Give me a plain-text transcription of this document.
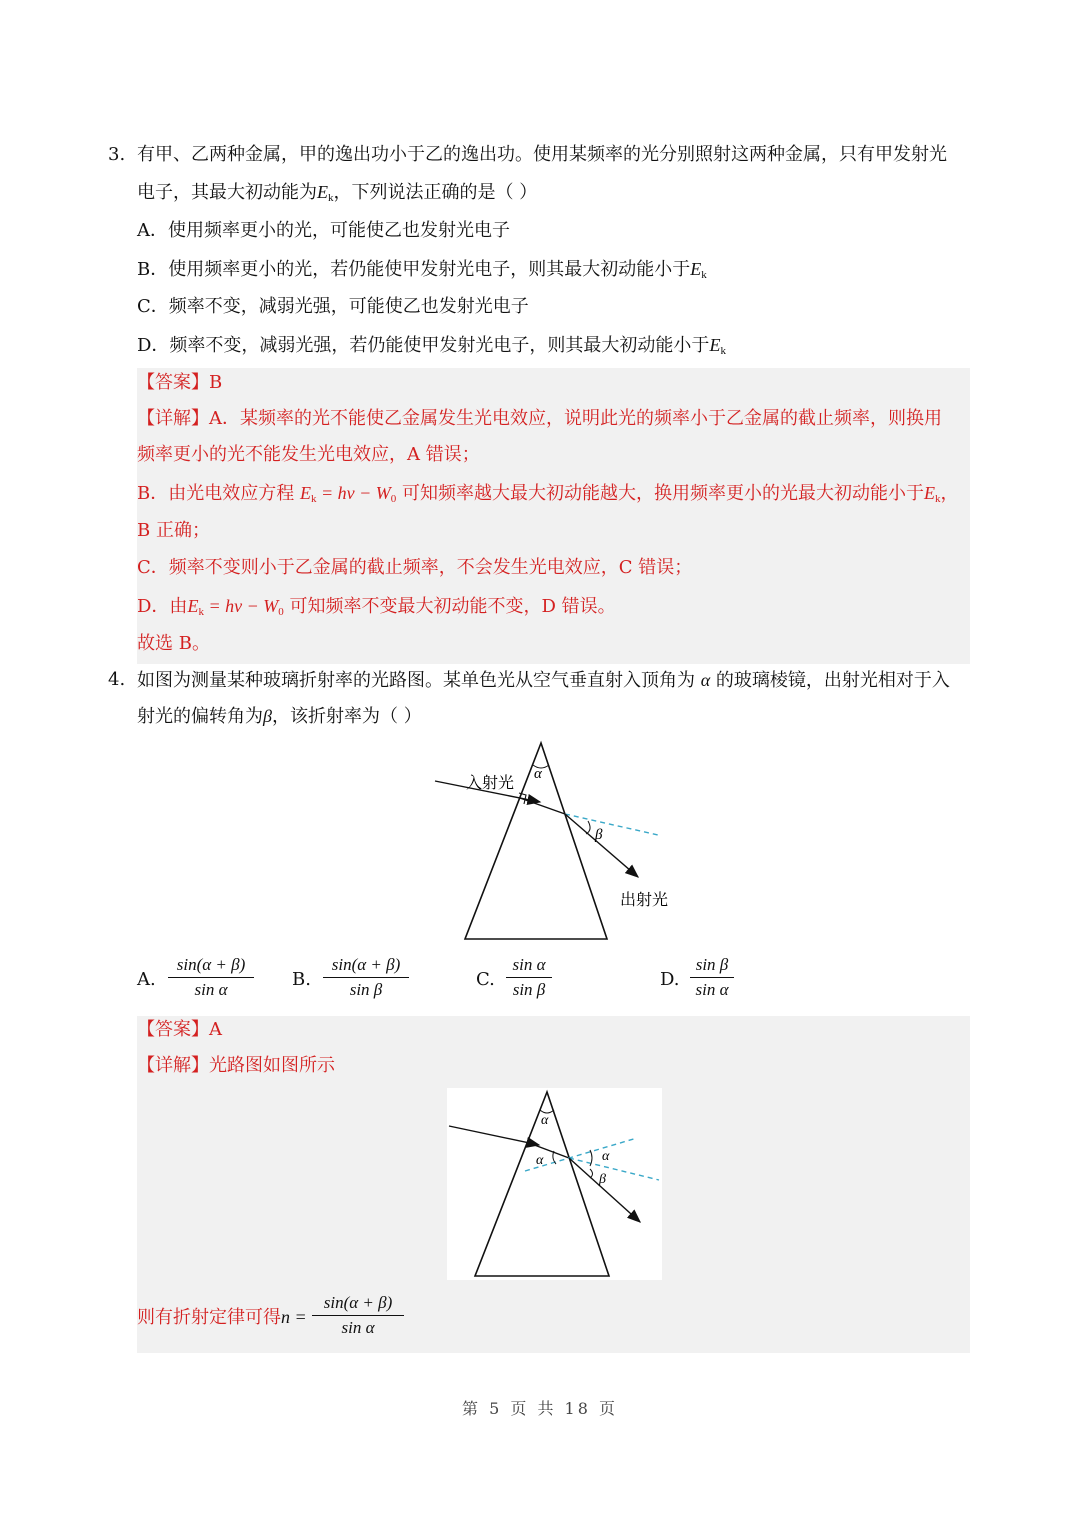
3. 有甲、乙两种金属，甲的逸出功小于乙的逸出功。使用某频率的光分别照射这两种金属，只有甲发射光
电子，其最大初动能为$E_k$，下列说法正确的是（ ）
A．使用频率更小的光，可能使乙也发射光电子
B．使用频率更小的光，若仍能使甲发射光电子，则其最大初动能小于$E_k$
C．频率不变，减弱光强，可能使乙也发射光电子
D．频率不变，减弱光强，若仍能使甲发射光电子，则其最大初动能小于$E_k$
【答案】B
【详解】A．某频率的光不能使乙金属发生光电效应，说明此光的频率小于乙金属的截止频率，则换用
频率更小的光不能发生光电效应，A 错误；
B．由光电效应方程 $E_k = h\nu - W_0$ 可知频率越大最大初动能越大，换用频率更小的光最大初动能小于$E_k$，
B 正确；
C．频率不变则小于乙金属的截止频率，不会发生光电效应，C 错误；
D．由$E_k = h\nu - W_0$ 可知频率不变最大初动能不变，D 错误。
故选 B。
4. 如图为测量某种玻璃折射率的光路图。某单色光从空气垂直射入顶角为 α 的玻璃棱镜，出射光相对于入
射光的偏转角为β，该折射率为（ ）
α
β
入射光
出射光
A.
sin(α + β)
sin α	B.
sin(α + β)
sin β	C.
sin α
sin β	D.
sin β
sin α
【答案】A
【详解】光路图如图所示
α
α	α
β
则有折射定律可得n =
sin(α + β)
sin α
第 5 页 共 18 页
